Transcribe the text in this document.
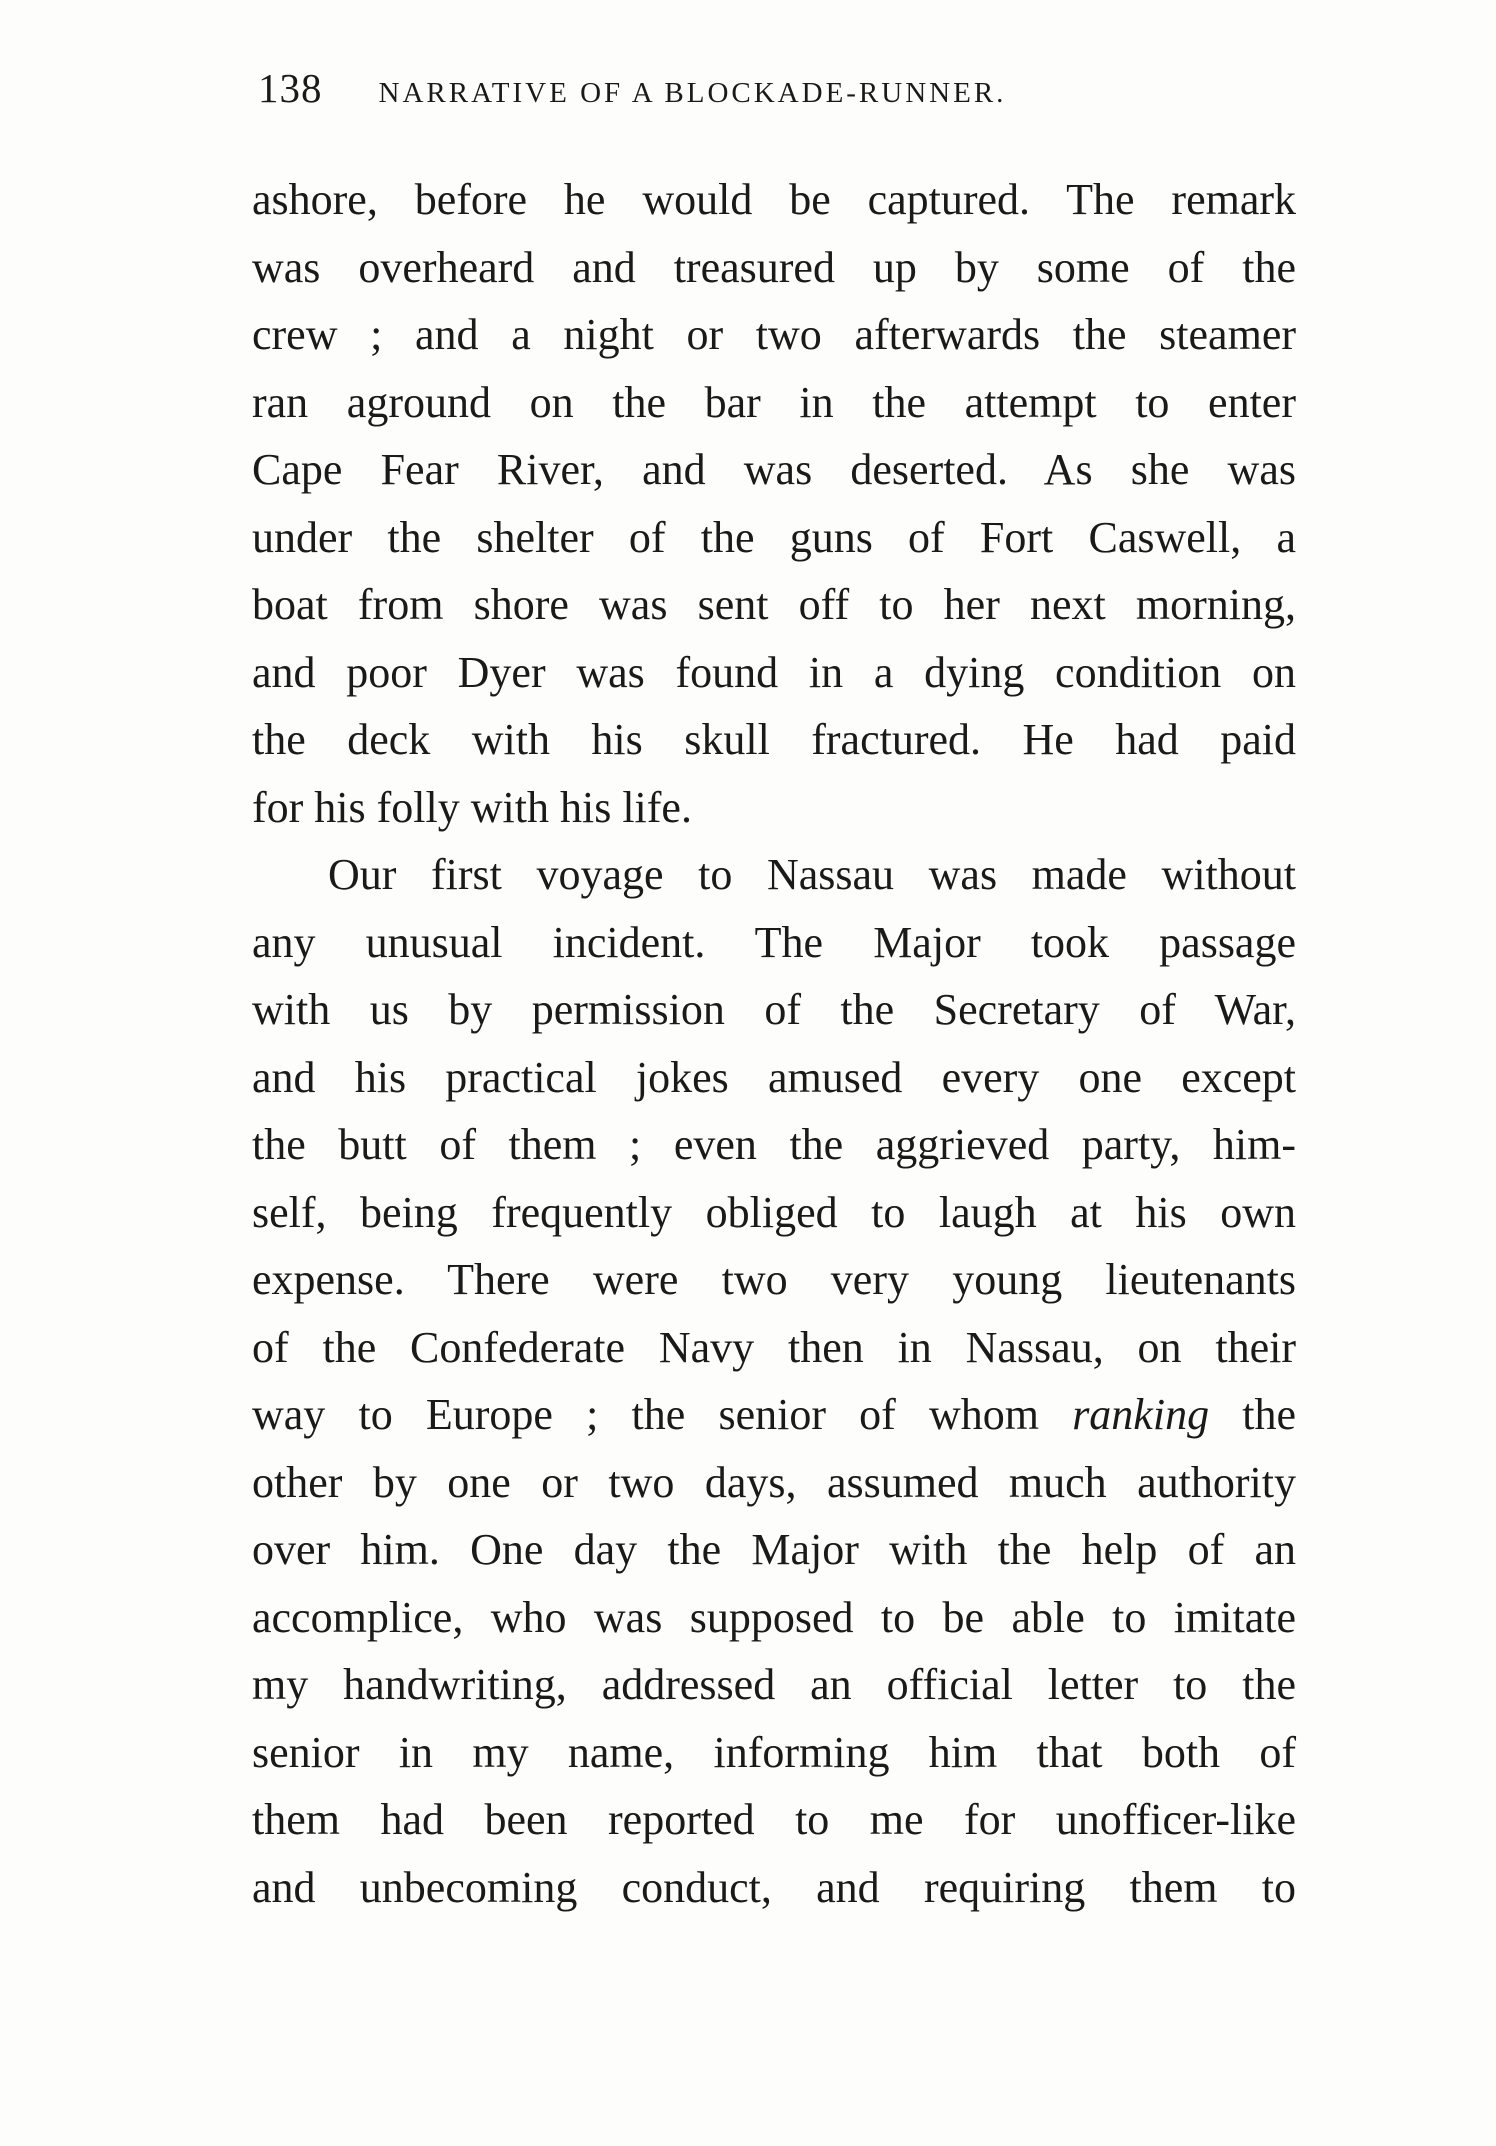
138 NARRATIVE OF A BLOCKADE-RUNNER.
ashore, before he would be captured. The remark
was overheard and treasured up by some of the
crew ; and a night or two afterwards the steamer
ran aground on the bar in the attempt to enter
Cape Fear River, and was deserted. As she was
under the shelter of the guns of Fort Caswell, a
boat from shore was sent off to her next morning,
and poor Dyer was found in a dying condition on
the deck with his skull fractured. He had paid
for his folly with his life.
Our first voyage to Nassau was made without
any unusual incident. The Major took passage
with us by permission of the Secretary of War,
and his practical jokes amused every one except
the butt of them ; even the aggrieved party, him-
self, being frequently obliged to laugh at his own
expense. There were two very young lieutenants
of the Confederate Navy then in Nassau, on their
way to Europe ; the senior of whom ranking the
other by one or two days, assumed much authority
over him. One day the Major with the help of an
accomplice, who was supposed to be able to imitate
my handwriting, addressed an official letter to the
senior in my name, informing him that both of
them had been reported to me for unofficer-like
and unbecoming conduct, and requiring them to
